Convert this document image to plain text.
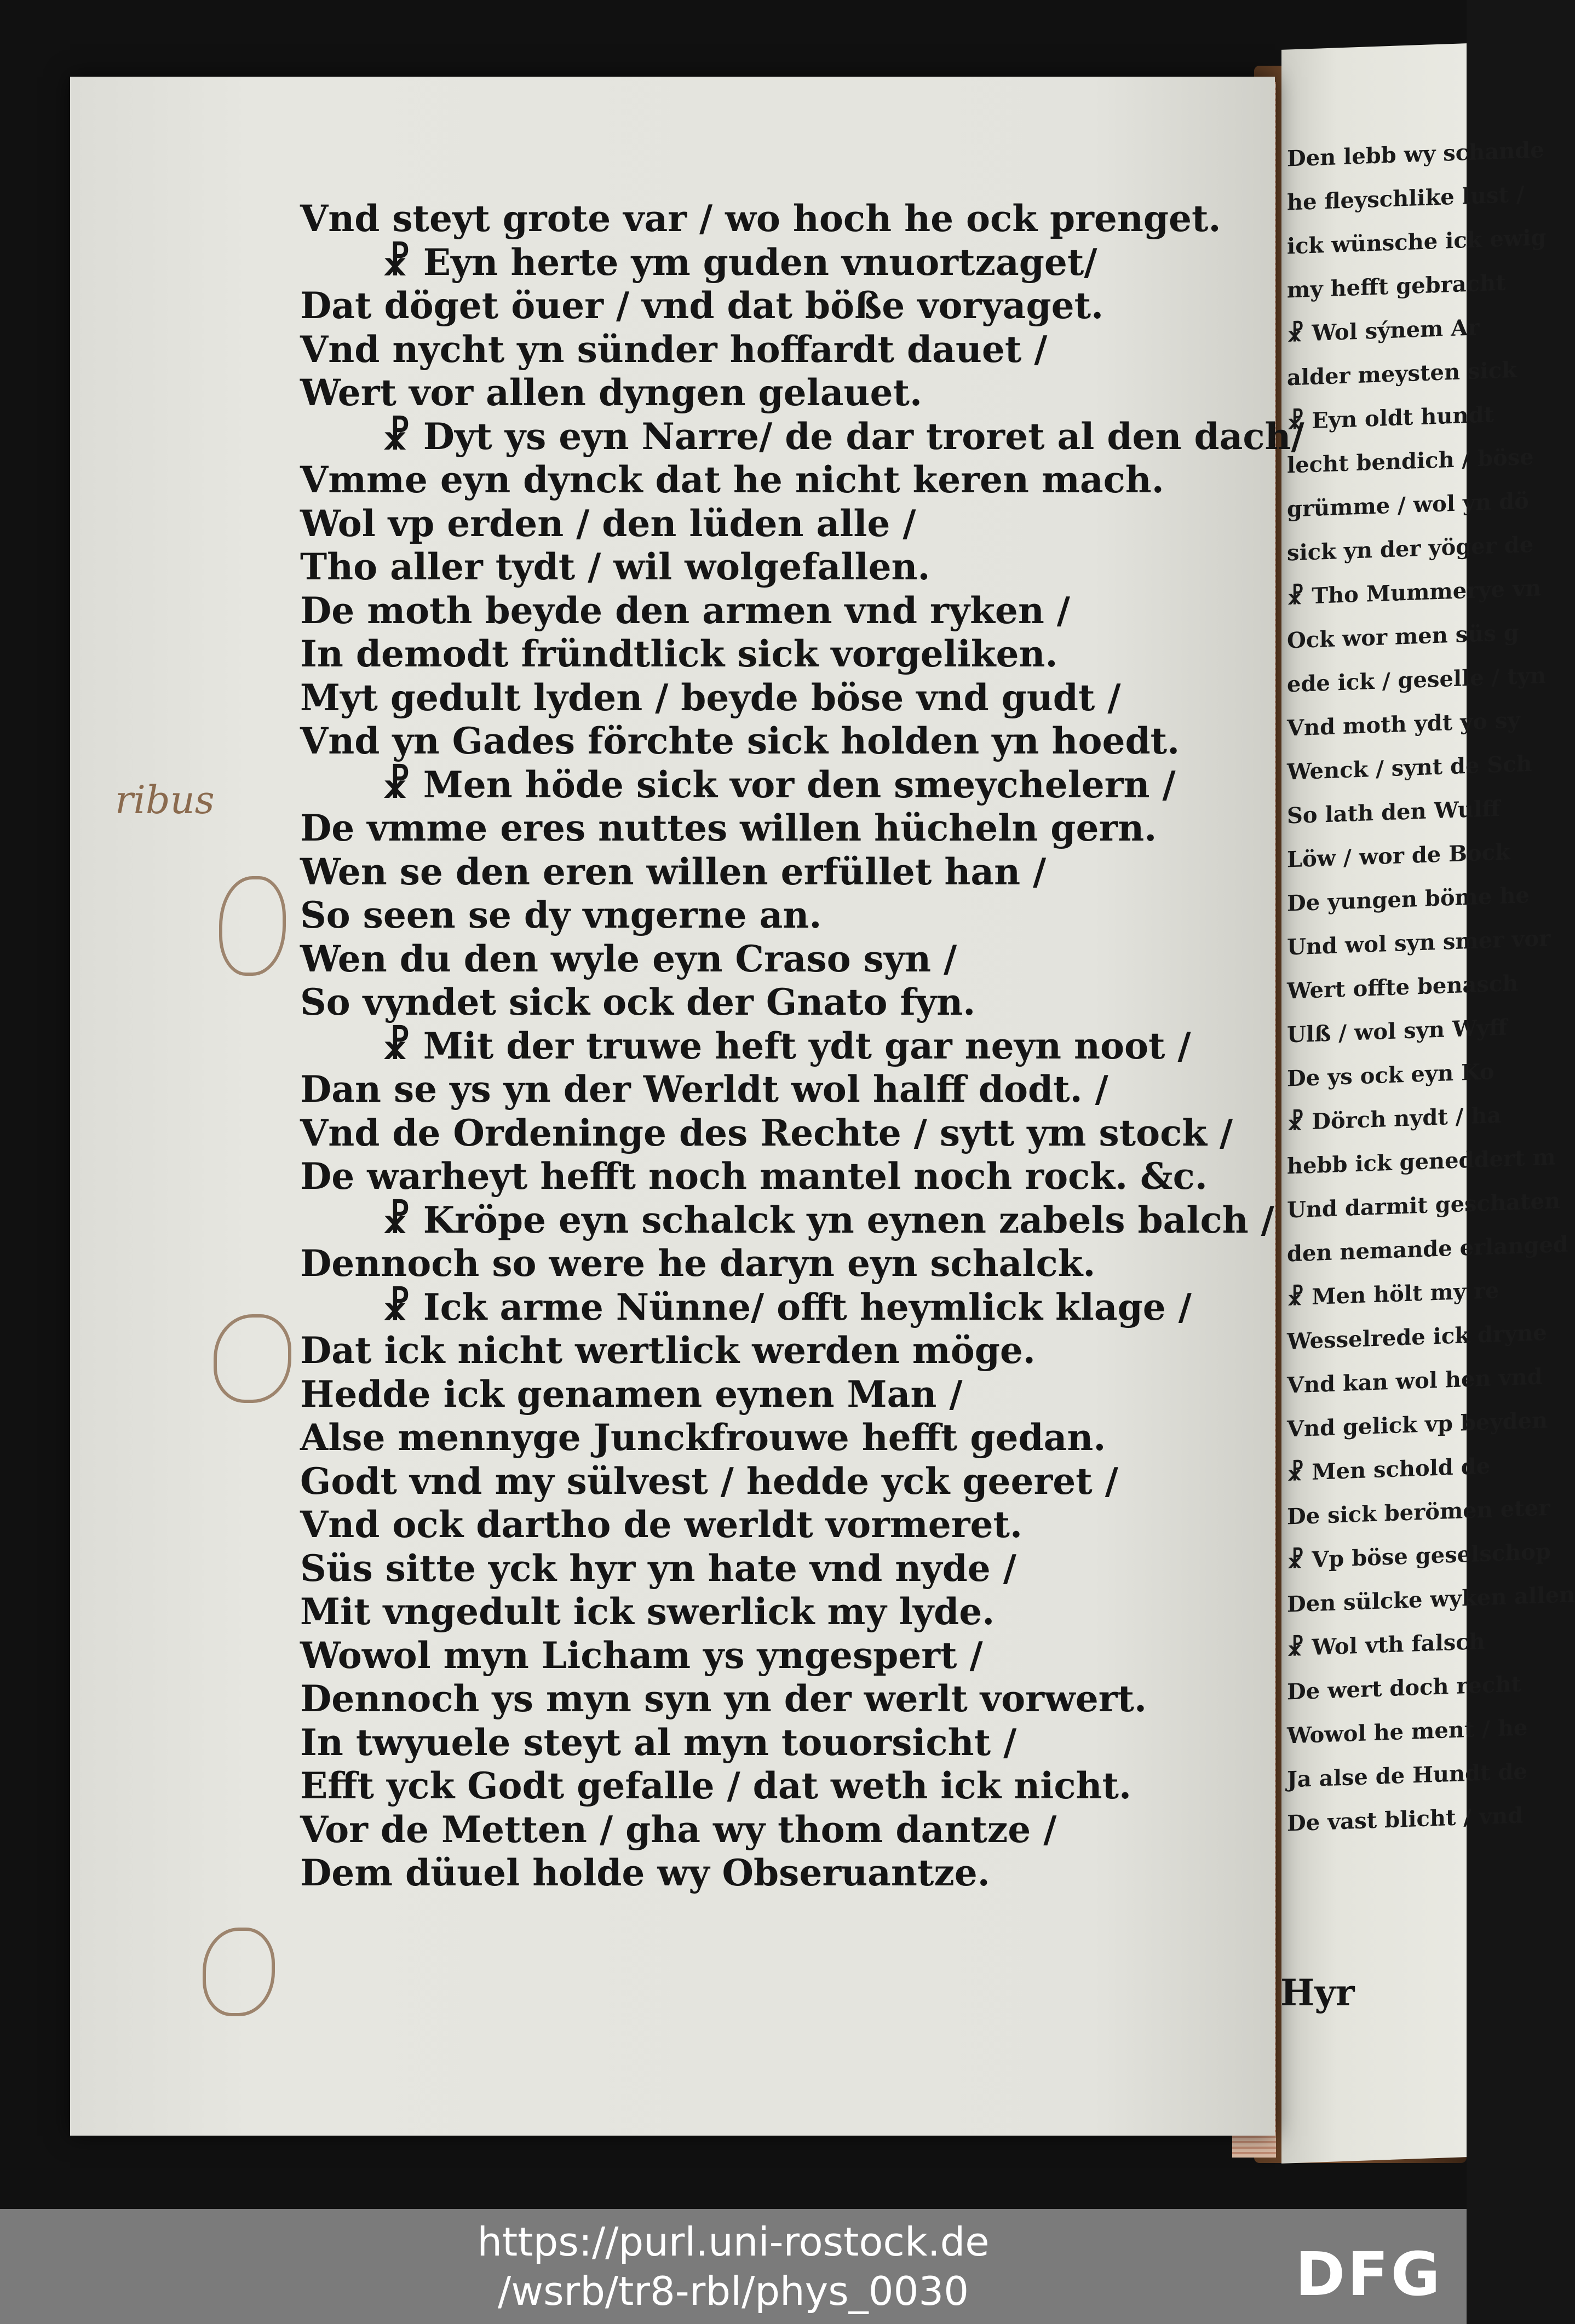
Den lebb wy schande
he fleyschlike lust /
ick wünsche ick ewig
my hefft gebracht
☧ Wol sýnem Ar
alder meysten sick
☧ Eyn oldt hundt
lecht bendich / böse
grümme / wol yn dö
sick yn der yöger de
☧ Tho Mummerye vn
Ock wor men süs g
ede ick / geselle / tyn
Vnd moth ydt yo sy
Wenck / synt de Sch
So lath den Wulff
Löw / wor de Bock
De yungen böme he
Und wol syn smer vor
Wert offte benasch
Ulß / wol syn Wyff
De ys ock eyn Ko
☧ Dörch nydt / ha
hebb ick geneddert m
Und darmit geschaten
den nemande erlanged
☧ Men hölt my re
Wesselrede ick dryne
Vnd kan wol hen vnd
Vnd gelick vp beyden
☧ Men schold de
De sick berömen eter
☧ Vp böse geselschop
Den sülcke wyken allen
☧ Wol vth falsch
De wert doch recht
Wowol he ment / he
Ja alse de Hundt de
De vast blicht / vnd
Vnd steyt grote var / wo hoch he ock prenget.
☧ Eyn herte ym guden vnuortzaget/
Dat döget öuer / vnd dat böße voryaget.
Vnd nycht yn sünder hoffardt dauet /
Wert vor allen dyngen gelauet.
☧ Dyt ys eyn Narre/ de dar troret al den dach/
Vmme eyn dynck dat he nicht keren mach.
Wol vp erden / den lüden alle /
Tho aller tydt / wil wolgefallen.
De moth beyde den armen vnd ryken /
In demodt fründtlick sick vorgeliken.
Myt gedult lyden / beyde böse vnd gudt /
Vnd yn Gades förchte sick holden yn hoedt.
☧ Men höde sick vor den smeychelern /
De vmme eres nuttes willen hücheln gern.
Wen se den eren willen erfüllet han /
So seen se dy vngerne an.
Wen du den wyle eyn Craso syn /
So vyndet sick ock der Gnato fyn.
☧ Mit der truwe heft ydt gar neyn noot /
Dan se ys yn der Werldt wol halff dodt. /
Vnd de Ordeninge des Rechte / sytt ym stock /
De warheyt hefft noch mantel noch rock. &c.
☧ Kröpe eyn schalck yn eynen zabels balch /
Dennoch so were he daryn eyn schalck.
☧ Ick arme Nünne/ offt heymlick klage /
Dat ick nicht wertlick werden möge.
Hedde ick genamen eynen Man /
Alse mennyge Junckfrouwe hefft gedan.
Godt vnd my sülvest / hedde yck geeret /
Vnd ock dartho de werldt vormeret.
Süs sitte yck hyr yn hate vnd nyde /
Mit vngedult ick swerlick my lyde.
Wowol myn Licham ys yngespert /
Dennoch ys myn syn yn der werlt vorwert.
In twyuele steyt al myn touorsicht /
Efft yck Godt gefalle / dat weth ick nicht.
Vor de Metten / gha wy thom dantze /
Dem düuel holde wy Obseruantze.
Hyr
ribus
https://purl.uni-rostock.de
/wsrb/tr8-rbl/phys_0030	DFG
